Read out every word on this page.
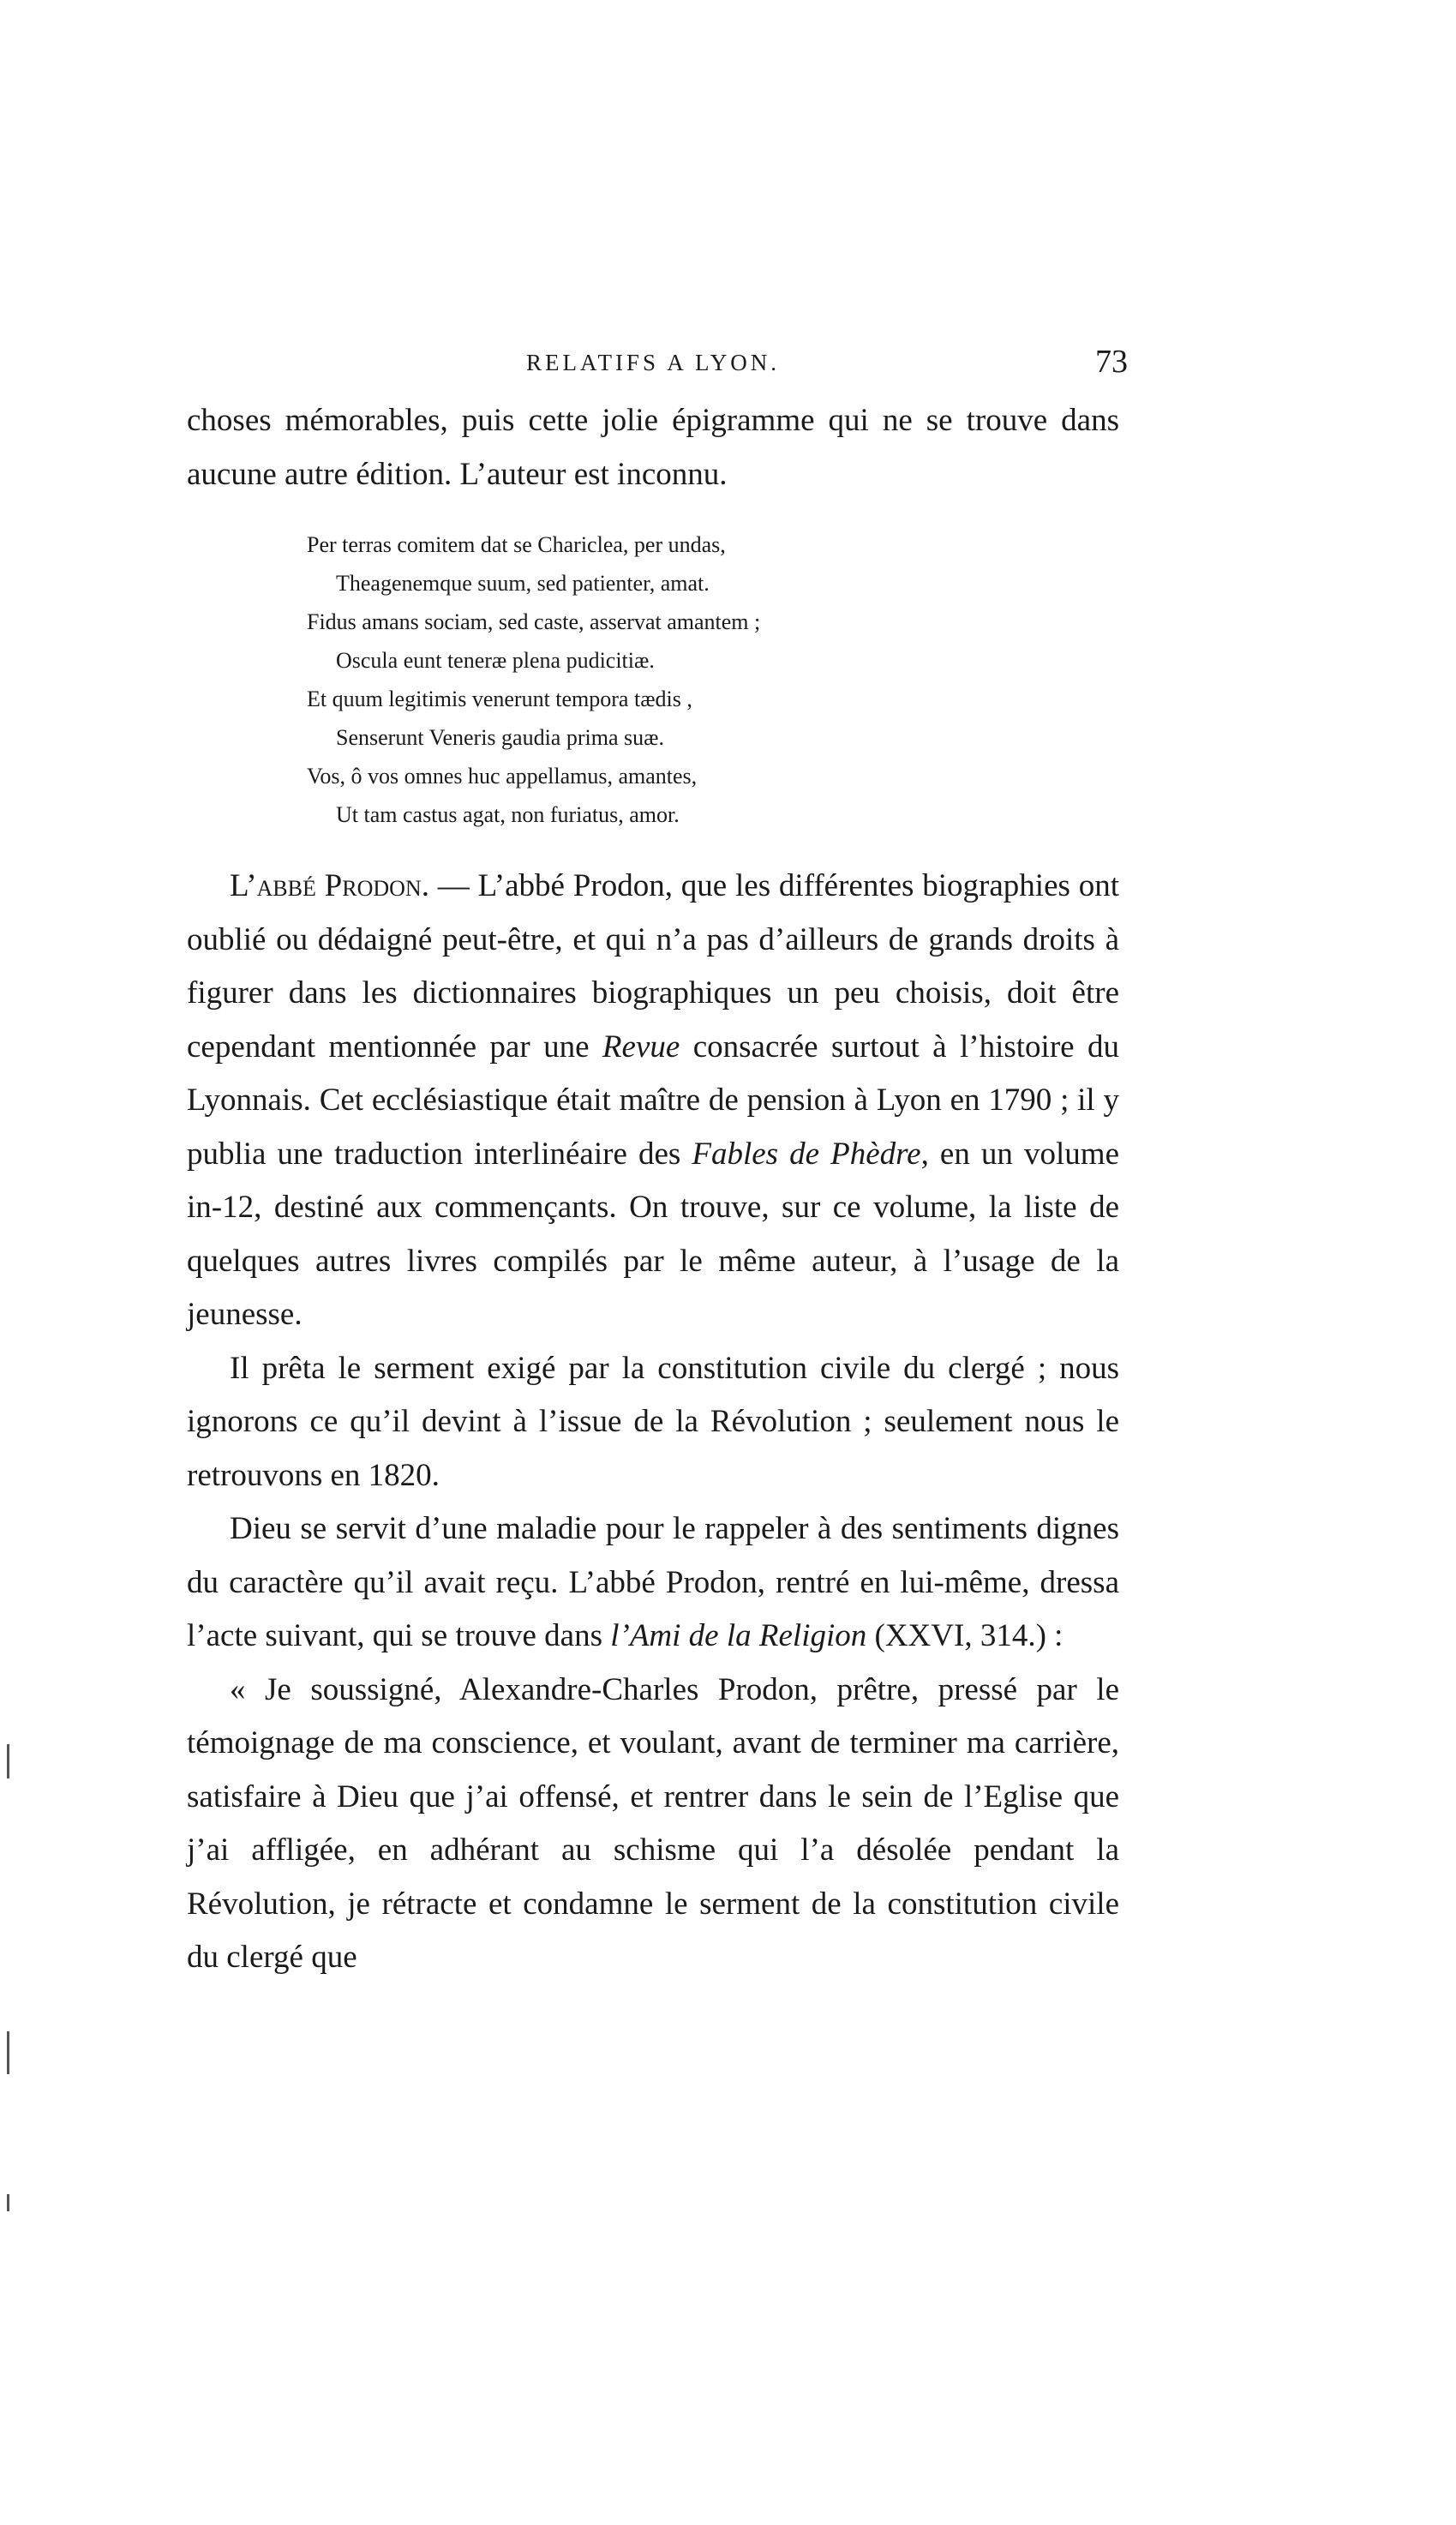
RELATIFS A LYON.	73

choses mémorables, puis cette jolie épigramme qui ne se trouve dans aucune autre édition. L’auteur est inconnu.

Per terras comitem dat se Chariclea, per undas,
Theagenemque suum, sed patienter, amat.
Fidus amans sociam, sed caste, asservat amantem ;
Oscula eunt teneræ plena pudicitiæ.
Et quum legitimis venerunt tempora tædis ,
Senserunt Veneris gaudia prima suæ.
Vos, ô vos omnes huc appellamus, amantes,
Ut tam castus agat, non furiatus, amor.

L’abbé Prodon. — L’abbé Prodon, que les différentes biographies ont oublié ou dédaigné peut-être, et qui n’a pas d’ailleurs de grands droits à figurer dans les dictionnaires biographiques un peu choisis, doit être cependant mentionnée par une Revue consacrée surtout à l’histoire du Lyonnais. Cet ecclésiastique était maître de pension à Lyon en 1790 ; il y publia une traduction interlinéaire des Fables de Phèdre, en un volume in-12, destiné aux commençants. On trouve, sur ce volume, la liste de quelques autres livres compilés par le même auteur, à l’usage de la jeunesse.

Il prêta le serment exigé par la constitution civile du clergé ; nous ignorons ce qu’il devint à l’issue de la Révolution ; seulement nous le retrouvons en 1820.

Dieu se servit d’une maladie pour le rappeler à des sentiments dignes du caractère qu’il avait reçu. L’abbé Prodon, rentré en lui-même, dressa l’acte suivant, qui se trouve dans l’Ami de la Religion (XXVI, 314.) :

« Je soussigné, Alexandre-Charles Prodon, prêtre, pressé par le témoignage de ma conscience, et voulant, avant de terminer ma carrière, satisfaire à Dieu que j’ai offensé, et rentrer dans le sein de l’Eglise que j’ai affligée, en adhérant au schisme qui l’a désolée pendant la Révolution, je rétracte et condamne le serment de la constitution civile du clergé que
